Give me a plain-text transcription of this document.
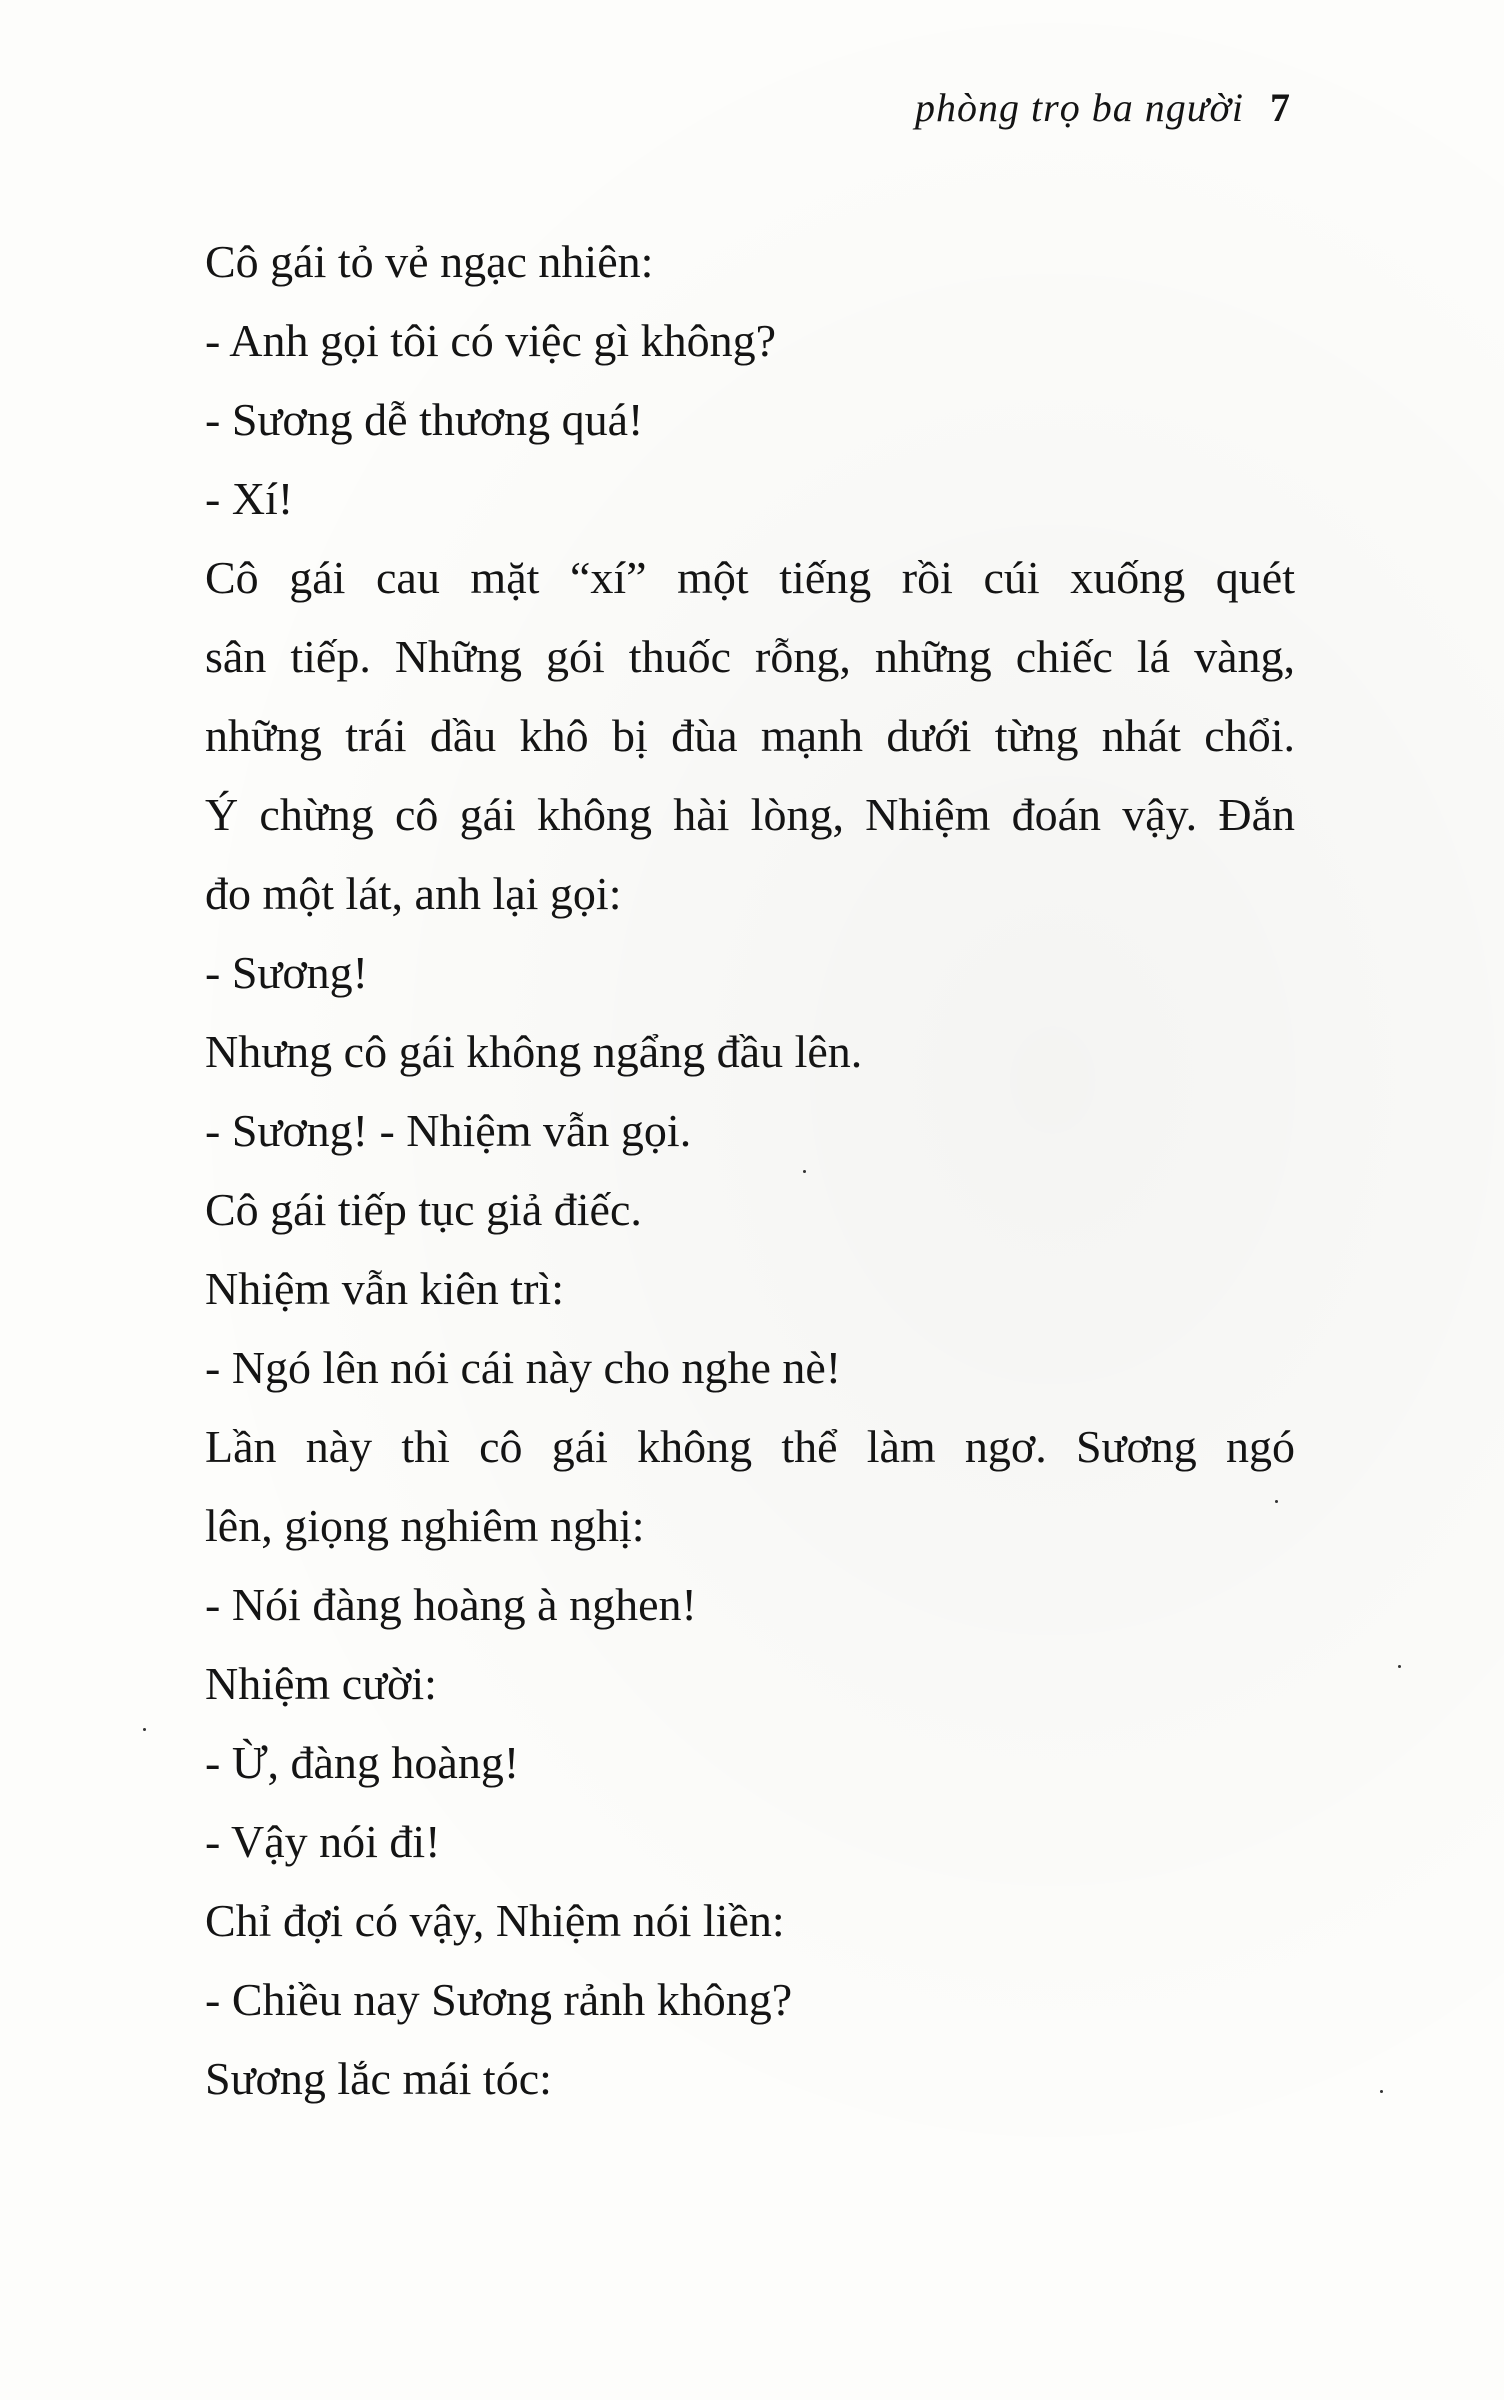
phòng trọ ba người 7
Cô gái tỏ vẻ ngạc nhiên:
- Anh gọi tôi có việc gì không?
- Sương dễ thương quá!
- Xí!
Cô gái cau mặt “xí” một tiếng rồi cúi xuống quét
sân tiếp. Những gói thuốc rỗng, những chiếc lá vàng,
những trái dầu khô bị đùa mạnh dưới từng nhát chổi.
Ý chừng cô gái không hài lòng, Nhiệm đoán vậy. Đắn
đo một lát, anh lại gọi:
- Sương!
Nhưng cô gái không ngẩng đầu lên.
- Sương! - Nhiệm vẫn gọi.
Cô gái tiếp tục giả điếc.
Nhiệm vẫn kiên trì:
- Ngó lên nói cái này cho nghe nè!
Lần này thì cô gái không thể làm ngơ. Sương ngó
lên, giọng nghiêm nghị:
- Nói đàng hoàng à nghen!
Nhiệm cười:
- Ừ, đàng hoàng!
- Vậy nói đi!
Chỉ đợi có vậy, Nhiệm nói liền:
- Chiều nay Sương rảnh không?
Sương lắc mái tóc:
